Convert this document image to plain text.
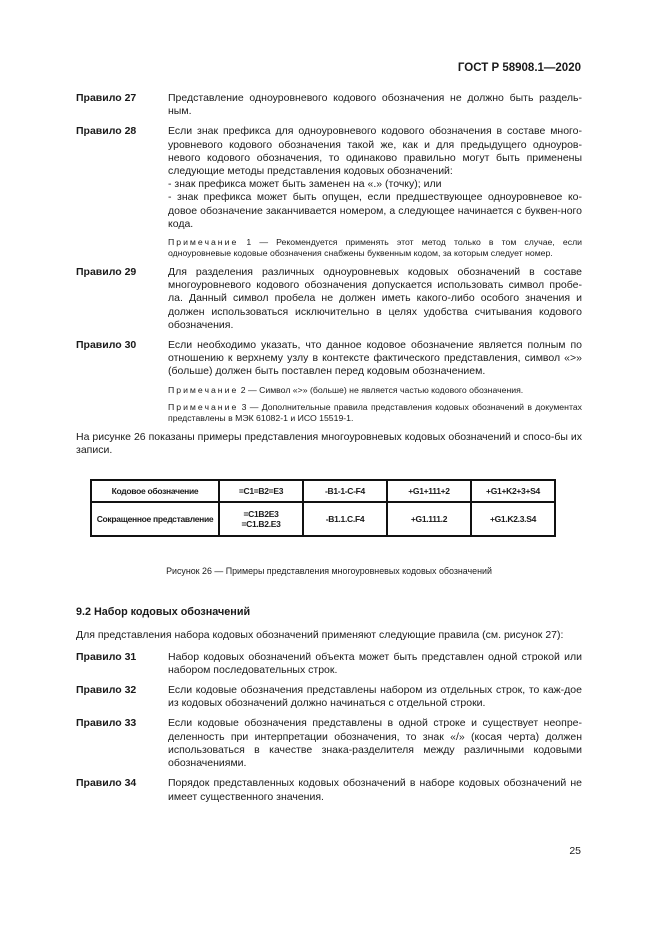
ГОСТ Р 58908.1—2020
Правило 27	Представление одноуровневого кодового обозначения не должно быть раздель-ным.

Правило 28	Если знак префикса для одноуровневого кодового обозначения в составе много-уровневого кодового обозначения такой же, как и для предыдущего одноуров-невого кодового обозначения, то одинаково правильно могут быть применены следующие методы представления кодовых обозначений:

- знак префикса может быть заменен на «.» (точку); или

- знак префикса может быть опущен, если предшествующее одноуровневое ко-довое обозначение заканчивается номером, а следующее начинается с буквен-ного кода.

Примечание 1 — Рекомендуется применять этот метод только в том случае, если одноуровневые кодовые обозначения снабжены буквенным кодом, за которым следует номер.
Правило 29	Для разделения различных одноуровневых кодовых обозначений в составе многоуровневого кодового обозначения допускается использовать символ пробе-ла. Данный символ пробела не должен иметь какого-либо особого значения и должен использоваться исключительно в целях удобства считывания кодового обозначения.

Правило 30	Если необходимо указать, что данное кодовое обозначение является полным по отношению к верхнему узлу в контексте фактического представления, символ «>» (больше) должен быть поставлен перед кодовым обозначением.

Примечание 2 — Символ «>» (больше) не является частью кодового обозначения.
Примечание 3 — Дополнительные правила представления кодовых обозначений в документах представлены в МЭК 61082-1 и ИСО 15519-1.

На рисунке 26 показаны примеры представления многоуровневых кодовых обозначений и спосо-бы их записи.

Кодовое обозначение	=C1=B2=E3	-B1-1-C-F4	+G1+111+2	+G1+K2+3+S4
Сокращенное представление	=C1B2E3
=C1.B2.E3	-B1.1.C.F4	+G1.111.2	+G1.K2.3.S4
Рисунок 26 — Примеры представления многоуровневых кодовых обозначений
9.2 Набор кодовых обозначений
Для представления набора кодовых обозначений применяют следующие правила (см. рисунок 27):
Правило 31	Набор кодовых обозначений объекта может быть представлен одной строкой или набором последовательных строк.
Правило 32	Если кодовые обозначения представлены набором из отдельных строк, то каж-дое из кодовых обозначений должно начинаться с отдельной строки.
Правило 33	Если кодовые обозначения представлены в одной строке и существует неопре-деленность при интерпретации обозначения, то знак «/» (косая черта) должен использоваться в качестве знака-разделителя между различными кодовыми обозначениями.
Правило 34	Порядок представленных кодовых обозначений в наборе кодовых обозначений не имеет существенного значения.
25
